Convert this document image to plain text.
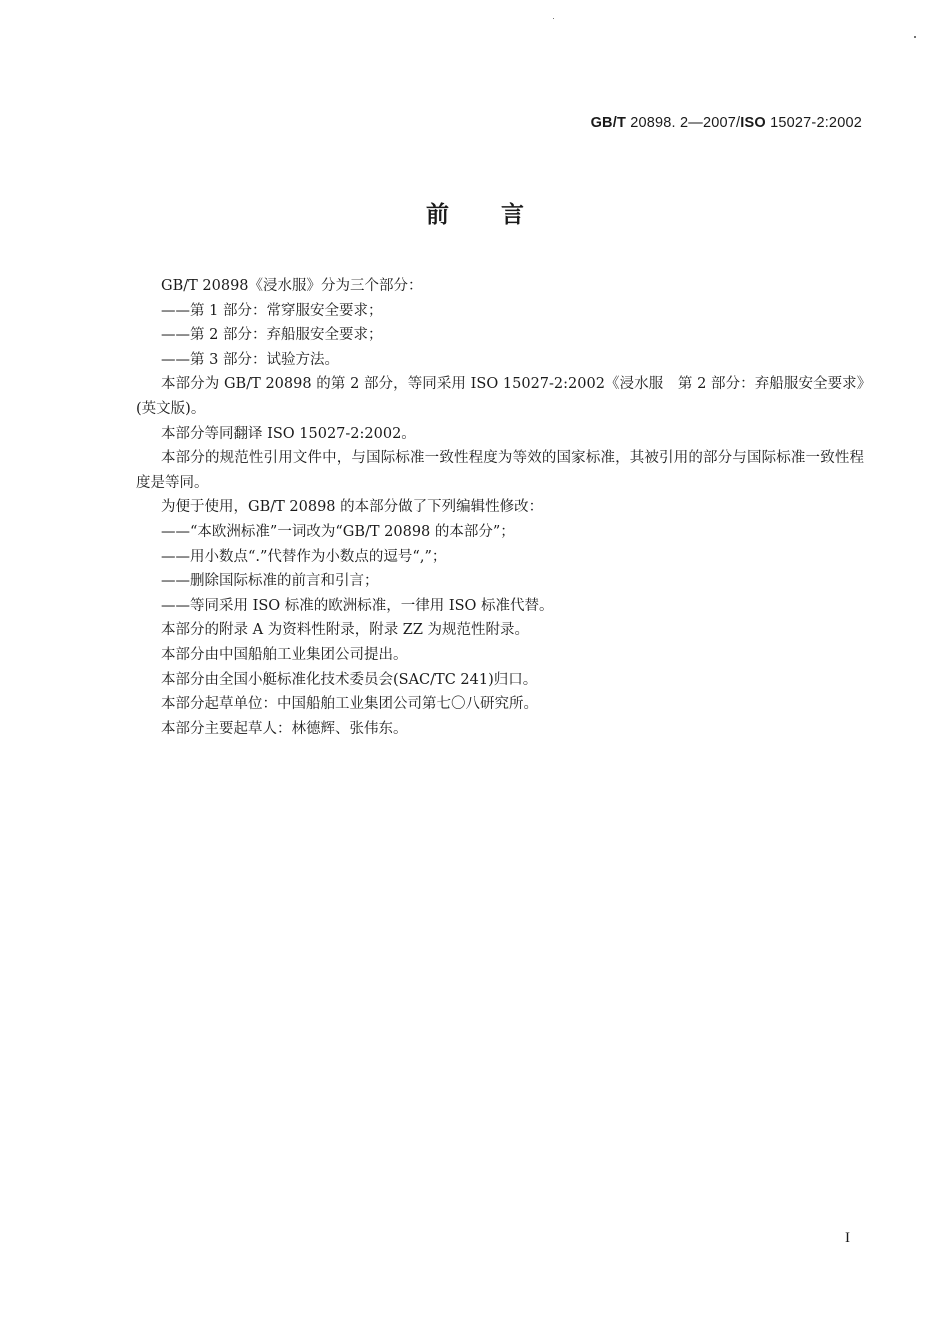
GB/T 20898. 2—2007/ISO 15027-2:2002
前言

GB/T 20898《浸水服》分为三个部分：

——第 1 部分：常穿服安全要求；

——第 2 部分：弃船服安全要求；

——第 3 部分：试验方法。

本部分为 GB/T 20898 的第 2 部分，等同采用 ISO 15027-2:2002《浸水服　第 2 部分：弃船服安全要求》(英文版)。

本部分等同翻译 ISO 15027-2:2002。

本部分的规范性引用文件中，与国际标准一致性程度为等效的国家标准，其被引用的部分与国际标准一致性程度是等同。

为便于使用，GB/T 20898 的本部分做了下列编辑性修改：

——“本欧洲标准”一词改为“GB/T 20898 的本部分”；

——用小数点“.”代替作为小数点的逗号“,”；

——删除国际标准的前言和引言；

——等同采用 ISO 标准的欧洲标准，一律用 ISO 标准代替。

本部分的附录 A 为资料性附录，附录 ZZ 为规范性附录。

本部分由中国船舶工业集团公司提出。

本部分由全国小艇标准化技术委员会(SAC/TC 241)归口。

本部分起草单位：中国船舶工业集团公司第七〇八研究所。

本部分主要起草人：林德辉、张伟东。

I
